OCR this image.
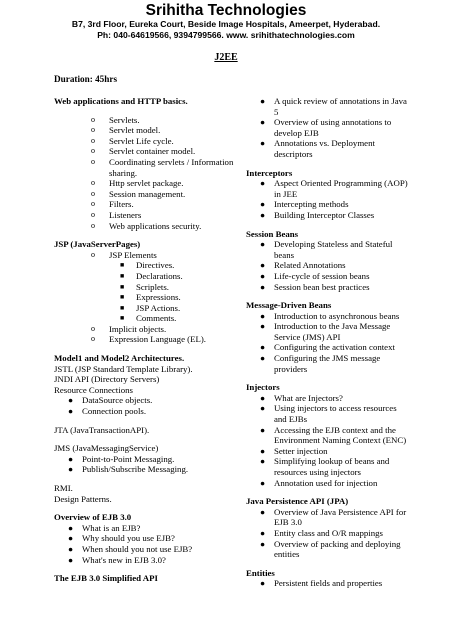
Srihitha Technologies
B7, 3rd Floor, Eureka Court, Beside Image Hospitals, Ameerpet, Hyderabad.
Ph: 040-64619566, 9394799566. www. srihithatechnologies.com
J2EE
Duration: 45hrs
Web applications and HTTP basics.
o Servlets.
o Servlet model.
o Servlet Life cycle.
o Servlet container model.
o Coordinating servlets / Information sharing.
o Http servlet package.
o Session management.
o Filters.
o Listeners
o Web applications security.
JSP (JavaServerPages)
o JSP Elements
■ Directives.
■ Declarations.
■ Scriplets.
■ Expressions.
■ JSP Actions.
■ Comments.
o Implicit objects.
o Expression Language (EL).
Model1 and Model2 Architectures.
JSTL (JSP Standard Template Library).
JNDI API (Directory Servers)
Resource Connections
● DataSource objects.
● Connection pools.
JTA (JavaTransactionAPI).
JMS (JavaMessagingService)
● Point-to-Point Messaging.
● Publish/Subscribe Messaging.
RMI.
Design Patterns.
Overview of EJB 3.0
● What is an EJB?
● Why should you use EJB?
● When should you not use EJB?
● What's new in EJB 3.0?
The EJB 3.0 Simplified API
● A quick review of annotations in Java 5
● Overview of using annotations to develop EJB
● Annotations vs. Deployment descriptors
Interceptors
● Aspect Oriented Programming (AOP) in JEE
● Intercepting methods
● Building Interceptor Classes
Session Beans
● Developing Stateless and Stateful beans
● Related Annotations
● Life-cycle of session beans
● Session bean best practices
Message-Driven Beans
● Introduction to asynchronous beans
● Introduction to the Java Message Service (JMS) API
● Configuring the activation context
● Configuring the JMS message providers
Injectors
● What are Injectors?
● Using injectors to access resources and EJBs
● Accessing the EJB context and the Environment Naming Context (ENC)
● Setter injection
● Simplifying lookup of beans and resources using injectors
● Annotation used for injection
Java Persistence API (JPA)
● Overview of Java Persistence API for EJB 3.0
● Entity class and O/R mappings
● Overview of packing and deploying entities
Entities
● Persistent fields and properties
